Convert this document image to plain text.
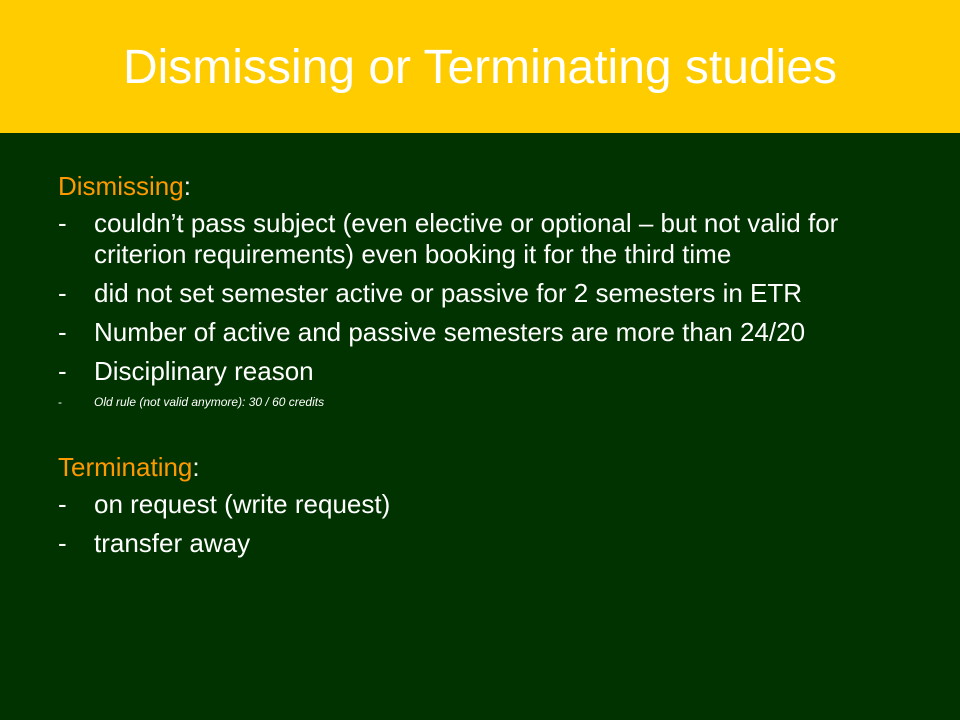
Dismissing or Terminating studies
Dismissing:
- couldn’t pass subject (even elective or optional – but not valid for criterion requirements) even booking it for the third time
- did not set semester active or passive for 2 semesters in ETR
- Number of active and passive semesters are more than 24/20
- Disciplinary reason
-	Old rule (not valid anymore): 30 / 60 credits
Terminating:
- on request (write request)
- transfer away
